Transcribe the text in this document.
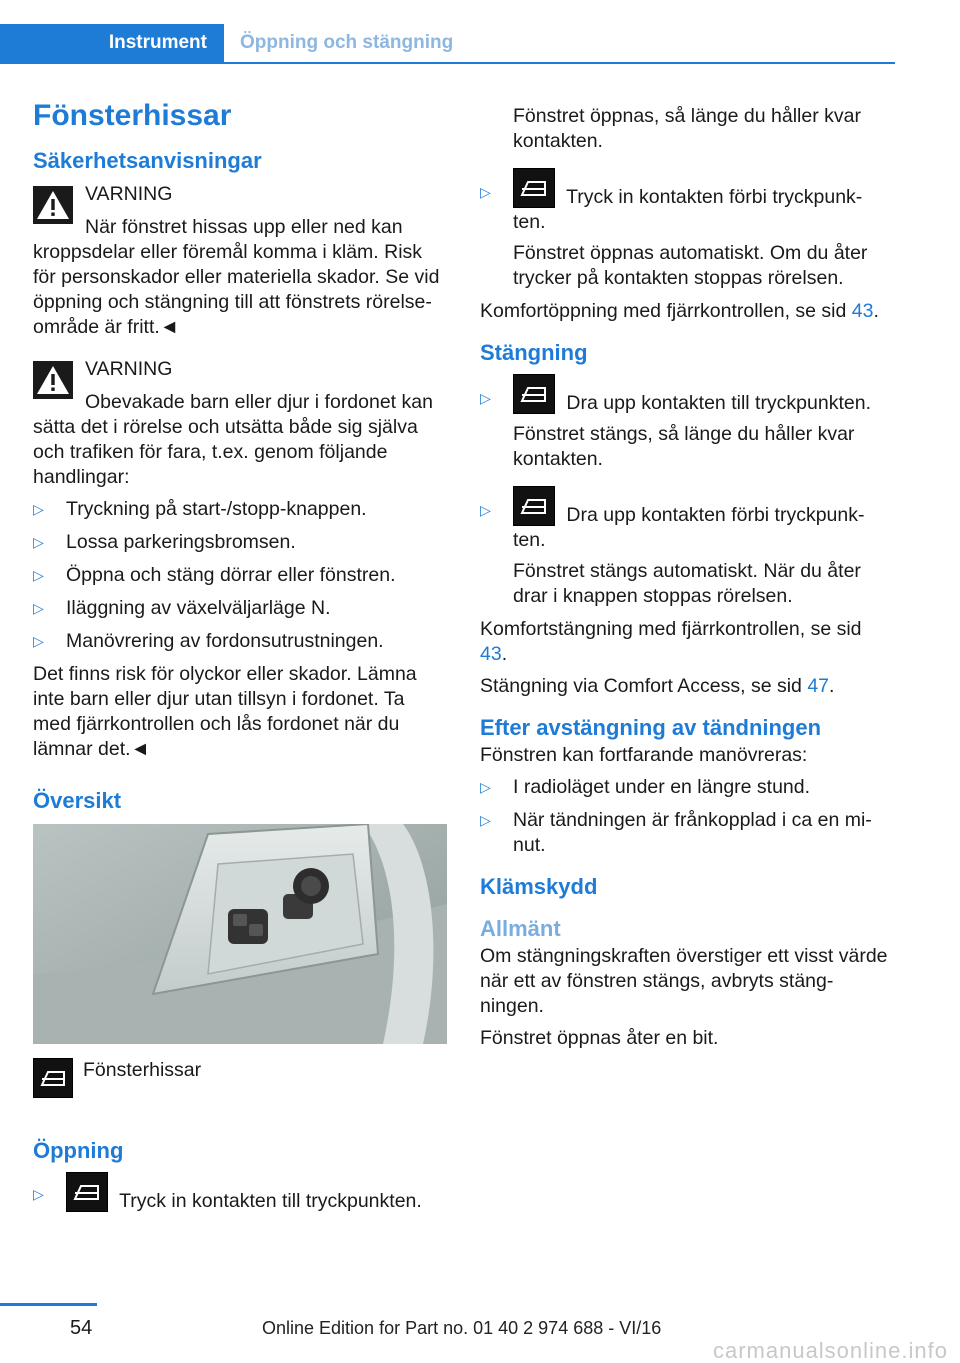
Instrument	Öppning och stängning
Fönsterhissar
Säkerhetsanvisningar
VARNING

När fönstret hissas upp eller ned kan kroppsdelar eller föremål komma i kläm. Risk för personskador eller materiella skador. Se vid öppning och stängning till att fönstrets rörelse-område är fritt.◄

VARNING

Obevakade barn eller djur i fordonet kan sätta det i rörelse och utsätta både sig själva och trafiken för fara, t.ex. genom följande handlingar:

▷ Tryckning på start-/stopp-knappen.
▷ Lossa parkeringsbromsen.
▷ Öppna och stäng dörrar eller fönstren.
▷ Iläggning av växelväljarläge N.
▷ Manövrering av fordonsutrustningen.

Det finns risk för olyckor eller skador. Lämna inte barn eller djur utan tillsyn i fordonet. Ta med fjärrkontrollen och lås fordonet när du lämnar det.◄

Översikt
Fönsterhissar
Öppning
▷	Tryck in kontakten till tryckpunkten.
Fönstret öppnas, så länge du håller kvar kontakten.
▷	Tryck in kontakten förbi tryckpunk-ten.
Fönstret öppnas automatiskt. Om du åter trycker på kontakten stoppas rörelsen.

Komfortöppning med fjärrkontrollen, se sid 43.

Stängning
▷	Dra upp kontakten till tryckpunkten.
Fönstret stängs, så länge du håller kvar kontakten.
▷	Dra upp kontakten förbi tryckpunk-ten.
Fönstret stängs automatiskt. När du åter drar i knappen stoppas rörelsen.

Komfortstängning med fjärrkontrollen, se sid 43.

Stängning via Comfort Access, se sid 47.

Efter avstängning av tändningen

Fönstren kan fortfarande manövreras:

▷ I radioläget under en längre stund.
▷ När tändningen är frånkopplad i ca en mi-nut.
Klämskydd
Allmänt

Om stängningskraften överstiger ett visst värde när ett av fönstren stängs, avbryts stäng-ningen.

Fönstret öppnas åter en bit.

54	Online Edition for Part no. 01 40 2 974 688 - VI/16
carmanualsonline.info
